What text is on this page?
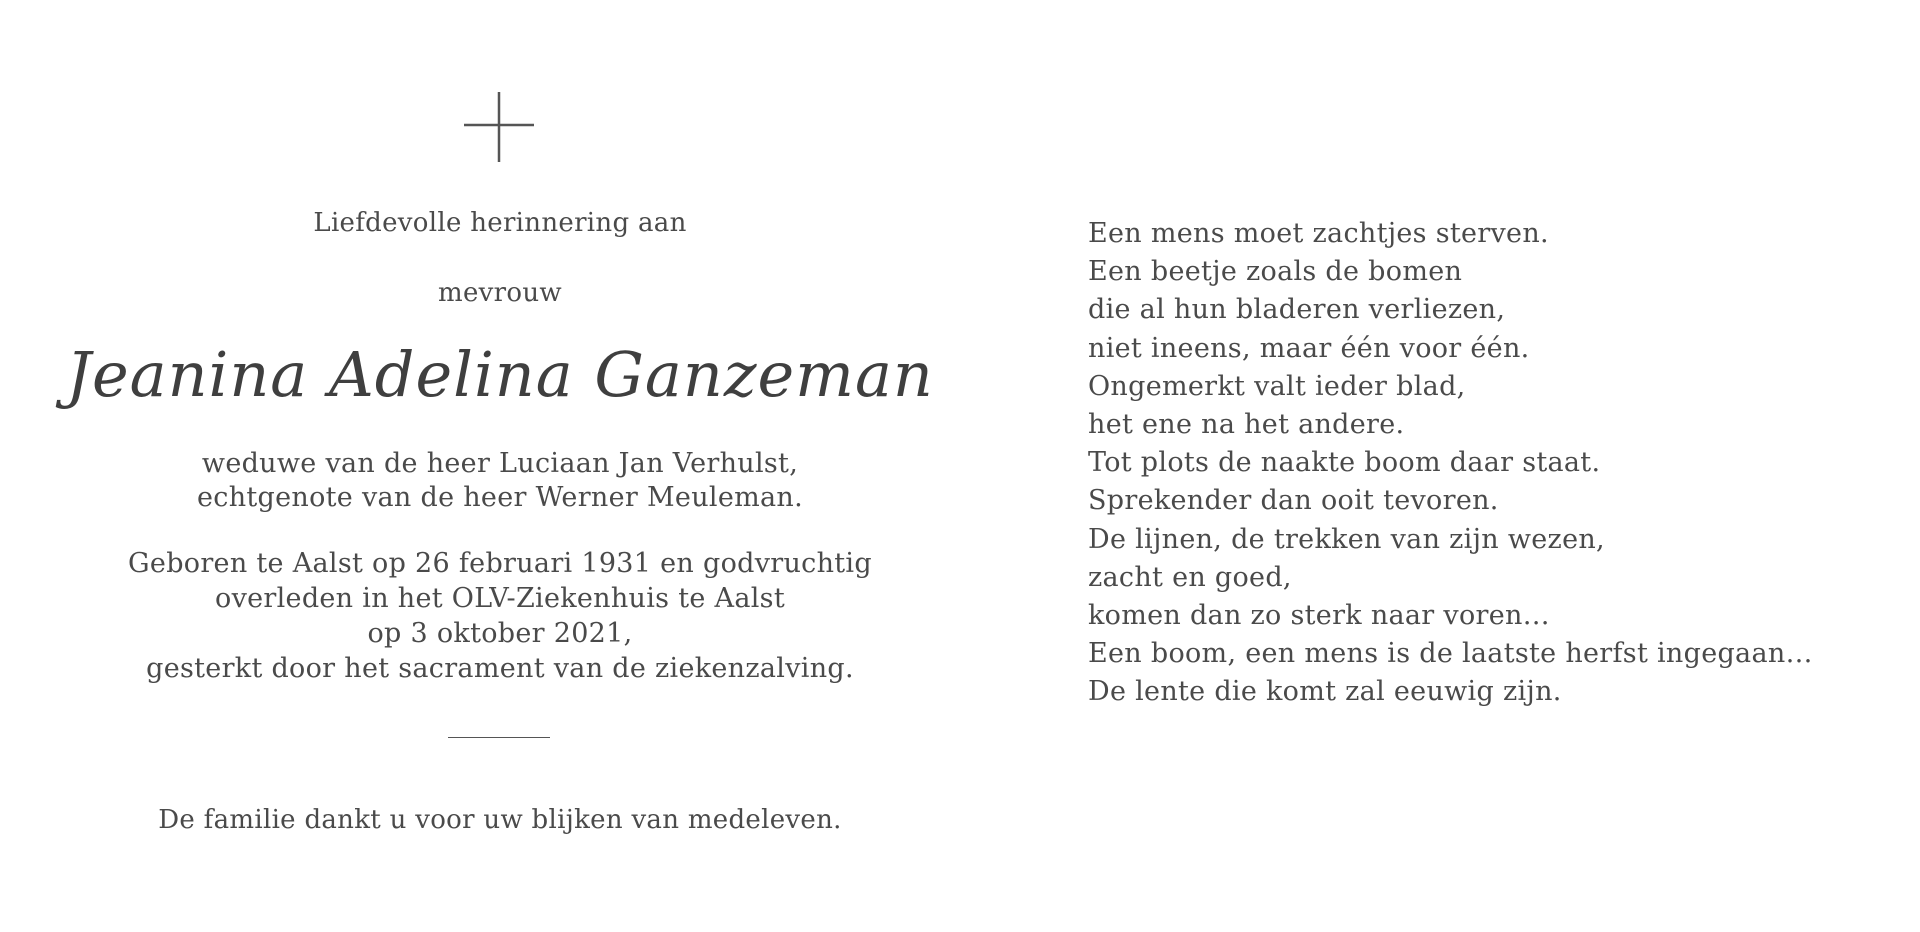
Liefdevolle herinnering aan
mevrouw
Jeanina Adelina Ganzeman
weduwe van de heer Luciaan Jan Verhulst,
echtgenote van de heer Werner Meuleman.
Geboren te Aalst op 26 februari 1931 en godvruchtig
overleden in het OLV-Ziekenhuis te Aalst
op 3 oktober 2021,
gesterkt door het sacrament van de ziekenzalving.
De familie dankt u voor uw blijken van medeleven.
Een mens moet zachtjes sterven.
Een beetje zoals de bomen
die al hun bladeren verliezen,
niet ineens, maar één voor één.
Ongemerkt valt ieder blad,
het ene na het andere.
Tot plots de naakte boom daar staat.
Sprekender dan ooit tevoren.
De lijnen, de trekken van zijn wezen,
zacht en goed,
komen dan zo sterk naar voren…
Een boom, een mens is de laatste herfst ingegaan…
De lente die komt zal eeuwig zijn.
